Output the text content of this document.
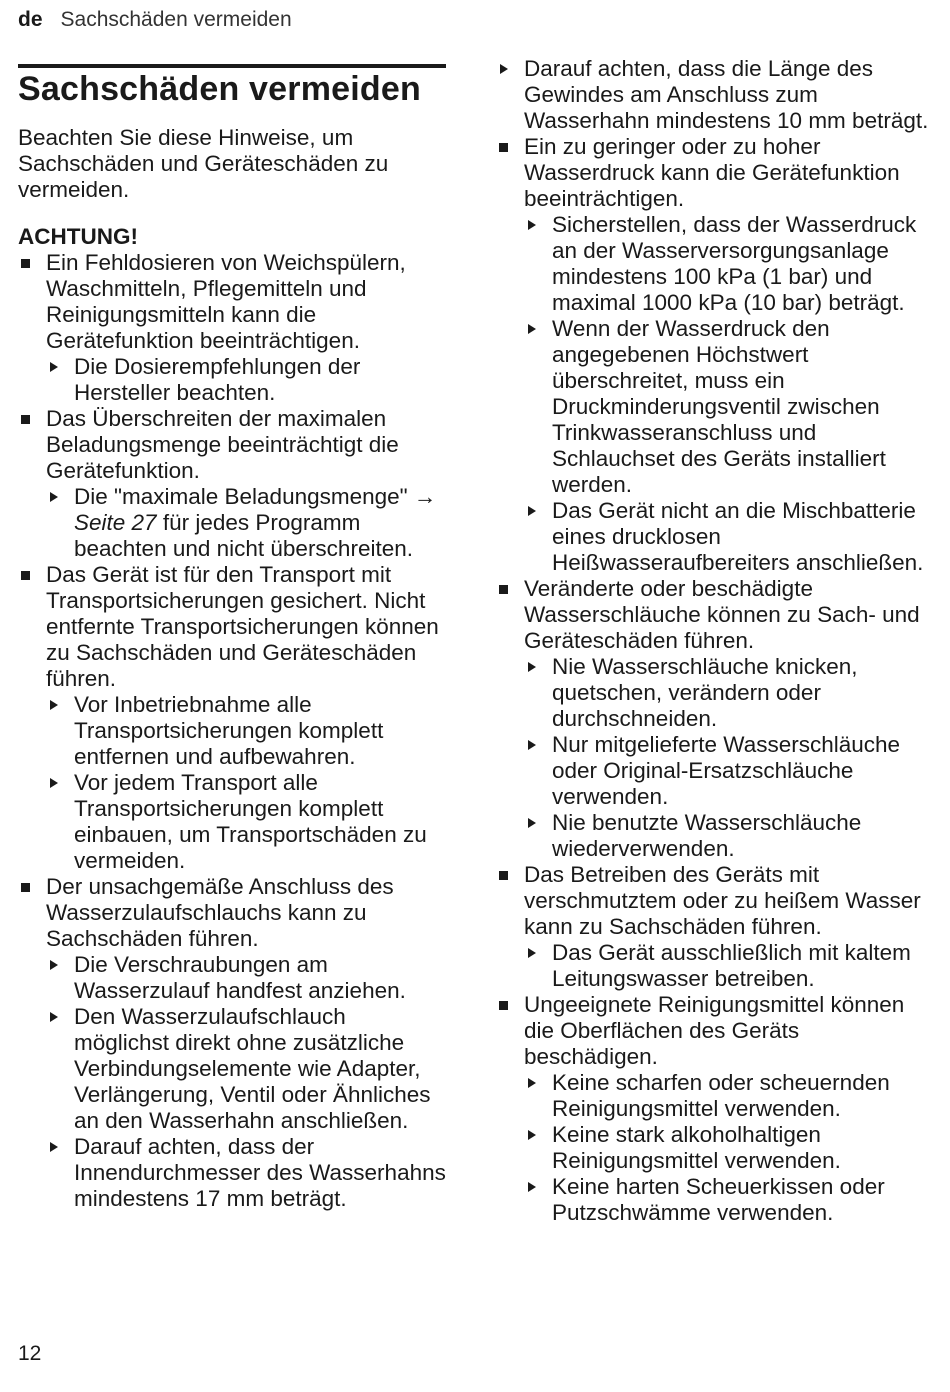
de Sachschäden vermeiden
Sachschäden vermeiden

Beachten Sie diese Hinweise, um Sachschäden und Geräteschäden zu vermeiden.

ACHTUNG!

Ein Fehldosieren von Weichspülern, Waschmitteln, Pflegemitteln und Reinigungsmitteln kann die Gerätefunktion beeinträchtigen.
Die Dosierempfehlungen der Hersteller beachten.
Das Überschreiten der maximalen Beladungsmenge beeinträchtigt die Gerätefunktion.
Die "maximale Beladungsmenge" → Seite 27 für jedes Programm beachten und nicht überschreiten.
Das Gerät ist für den Transport mit Transportsicherungen gesichert. Nicht entfernte Transportsicherungen können zu Sachschäden und Geräteschäden führen.
Vor Inbetriebnahme alle Transportsicherungen komplett entfernen und aufbewahren.
Vor jedem Transport alle Transportsicherungen komplett einbauen, um Transportschäden zu vermeiden.
Der unsachgemäße Anschluss des Wasserzulaufschlauchs kann zu Sachschäden führen.
Die Verschraubungen am Wasserzulauf handfest anziehen.
Den Wasserzulaufschlauch möglichst direkt ohne zusätzliche Verbindungselemente wie Adapter, Verlängerung, Ventil oder Ähnliches an den Wasserhahn anschließen.
Darauf achten, dass der Innendurchmesser des Wasserhahns mindestens 17 mm beträgt.
Darauf achten, dass die Länge des Gewindes am Anschluss zum Wasserhahn mindestens 10 mm beträgt.
Ein zu geringer oder zu hoher Wasserdruck kann die Gerätefunktion beeinträchtigen.
Sicherstellen, dass der Wasserdruck an der Wasserversorgungsanlage mindestens 100 kPa (1 bar) und maximal 1000 kPa (10 bar) beträgt.
Wenn der Wasserdruck den angegebenen Höchstwert überschreitet, muss ein Druckminderungsventil zwischen Trinkwasseranschluss und Schlauchset des Geräts installiert werden.
Das Gerät nicht an die Mischbatterie eines drucklosen Heißwasseraufbereiters anschließen.
Veränderte oder beschädigte Wasserschläuche können zu Sach- und Geräteschäden führen.
Nie Wasserschläuche knicken, quetschen, verändern oder durchschneiden.
Nur mitgelieferte Wasserschläuche oder Original-Ersatzschläuche verwenden.
Nie benutzte Wasserschläuche wiederverwenden.
Das Betreiben des Geräts mit verschmutztem oder zu heißem Wasser kann zu Sachschäden führen.
Das Gerät ausschließlich mit kaltem Leitungswasser betreiben.
Ungeeignete Reinigungsmittel können die Oberflächen des Geräts beschädigen.
Keine scharfen oder scheuernden Reinigungsmittel verwenden.
Keine stark alkoholhaltigen Reinigungsmittel verwenden.
Keine harten Scheuerkissen oder Putzschwämme verwenden.
12
